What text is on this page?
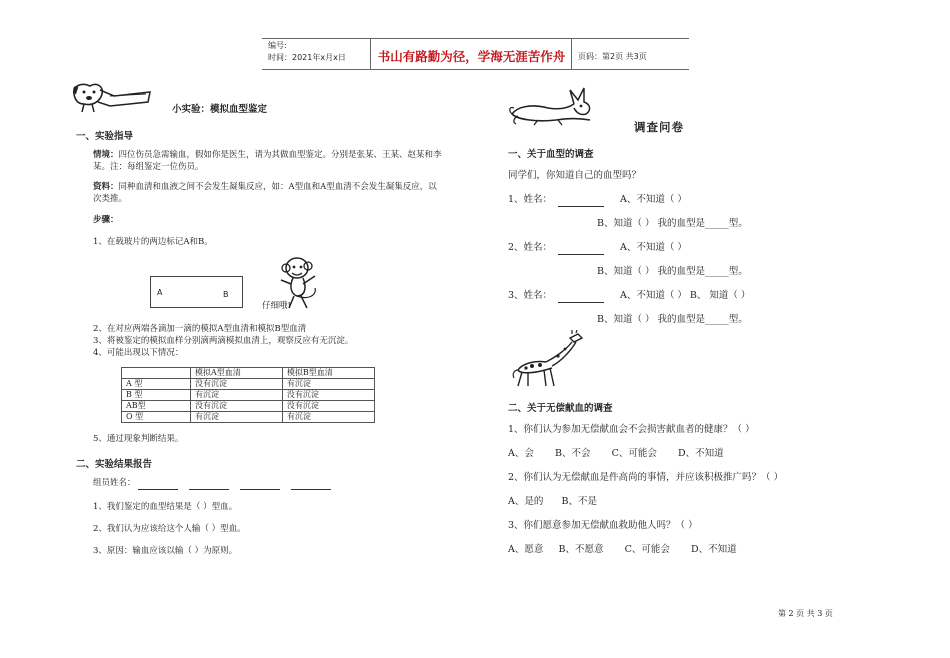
编号:
时间：2021年x月x日	书山有路勤为径，学海无涯苦作舟	页码：第2页 共3页
小实验：模拟血型鉴定
一、实验指导
情境：四位伤员急需输血，假如你是医生，请为其做血型鉴定。分别是张某、王某、赵某和李
某。注：每组鉴定一位伤员。
资料：同种血清和血液之间不会发生凝集反应，如：A型血和A型血清不会发生凝集反应，以
次类推。
步骤：
1、在载玻片的两边标记A和B。
A	B
仔细哦!
2、在对应两端各滴加一滴的模拟A型血清和模拟B型血清
3、将被鉴定的模拟血样分别滴两滴模拟血清上，观察反应有无沉淀。
4、可能出现以下情况：
	模拟A型血清	模拟B型血清
A 型	没有沉淀	有沉淀
B 型	有沉淀	没有沉淀
AB型	没有沉淀	没有沉淀
O 型	有沉淀	有沉淀
5、通过现象判断结果。
二、实验结果报告
组员姓名：
1、我们鉴定的血型结果是（ ）型血。
2、我们认为应该给这个人输（ ）型血。
3、原因：输血应该以输（ ）为原则。
调查问卷
一、关于血型的调查
同学们，你知道自己的血型吗？
1、姓名：	A、不知道（ ）
B、知道（ ） 我的血型是_____型。
2、姓名：	A、不知道（ ）
B、知道（ ） 我的血型是_____型。
3、姓名：	A、不知道（ ） B、 知道（ ）
B、知道（ ） 我的血型是_____型。
二、关于无偿献血的调查
1、你们认为参加无偿献血会不会损害献血者的健康？（ ）
A、会       B、不会       C、可能会       D、不知道
2、你们认为无偿献血是件高尚的事情，并应该积极推广吗？（ ）
A、是的      B、不是
3、你们愿意参加无偿献血救助他人吗？（ ）
A、愿意     B、不愿意       C、可能会       D、不知道
第 2 页 共 3 页
